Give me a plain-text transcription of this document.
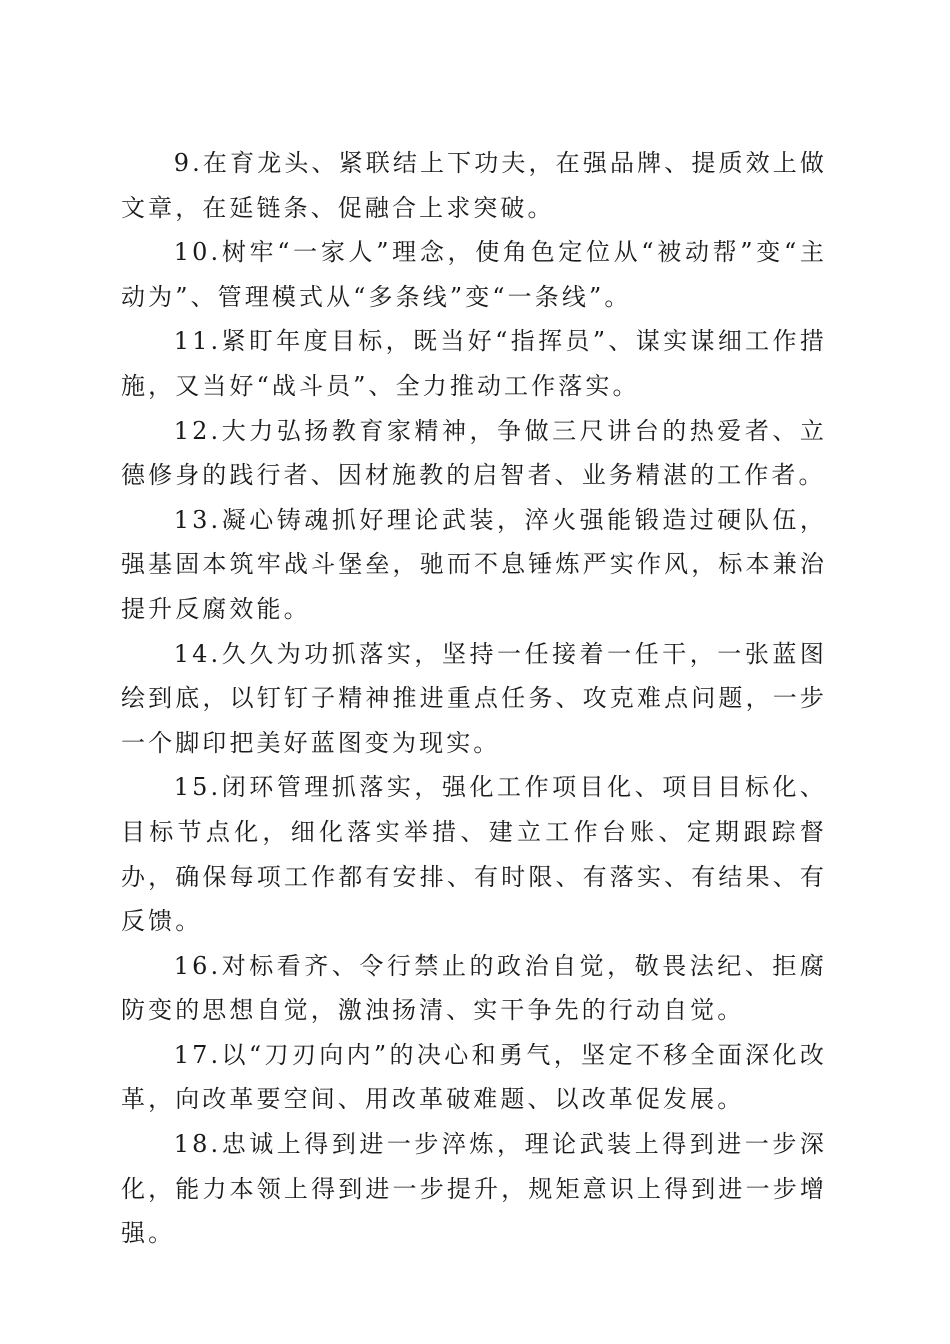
9.在育龙头、紧联结上下功夫，在强品牌、提质效上做文章，在延链条、促融合上求突破。

10.树牢“一家人”理念，使角色定位从“被动帮”变“主动为”、管理模式从“多条线”变“一条线”。

11.紧盯年度目标，既当好“指挥员”、谋实谋细工作措施，又当好“战斗员”、全力推动工作落实。

12.大力弘扬教育家精神，争做三尺讲台的热爱者、立德修身的践行者、因材施教的启智者、业务精湛的工作者。

13.凝心铸魂抓好理论武装，淬火强能锻造过硬队伍，强基固本筑牢战斗堡垒，驰而不息锤炼严实作风，标本兼治提升反腐效能。

14.久久为功抓落实，坚持一任接着一任干，一张蓝图绘到底，以钉钉子精神推进重点任务、攻克难点问题，一步一个脚印把美好蓝图变为现实。

15.闭环管理抓落实，强化工作项目化、项目目标化、目标节点化，细化落实举措、建立工作台账、定期跟踪督办，确保每项工作都有安排、有时限、有落实、有结果、有反馈。

16.对标看齐、令行禁止的政治自觉，敬畏法纪、拒腐防变的思想自觉，激浊扬清、实干争先的行动自觉。

17.以“刀刃向内”的决心和勇气，坚定不移全面深化改革，向改革要空间、用改革破难题、以改革促发展。

18.忠诚上得到进一步淬炼，理论武装上得到进一步深化，能力本领上得到进一步提升，规矩意识上得到进一步增强。
